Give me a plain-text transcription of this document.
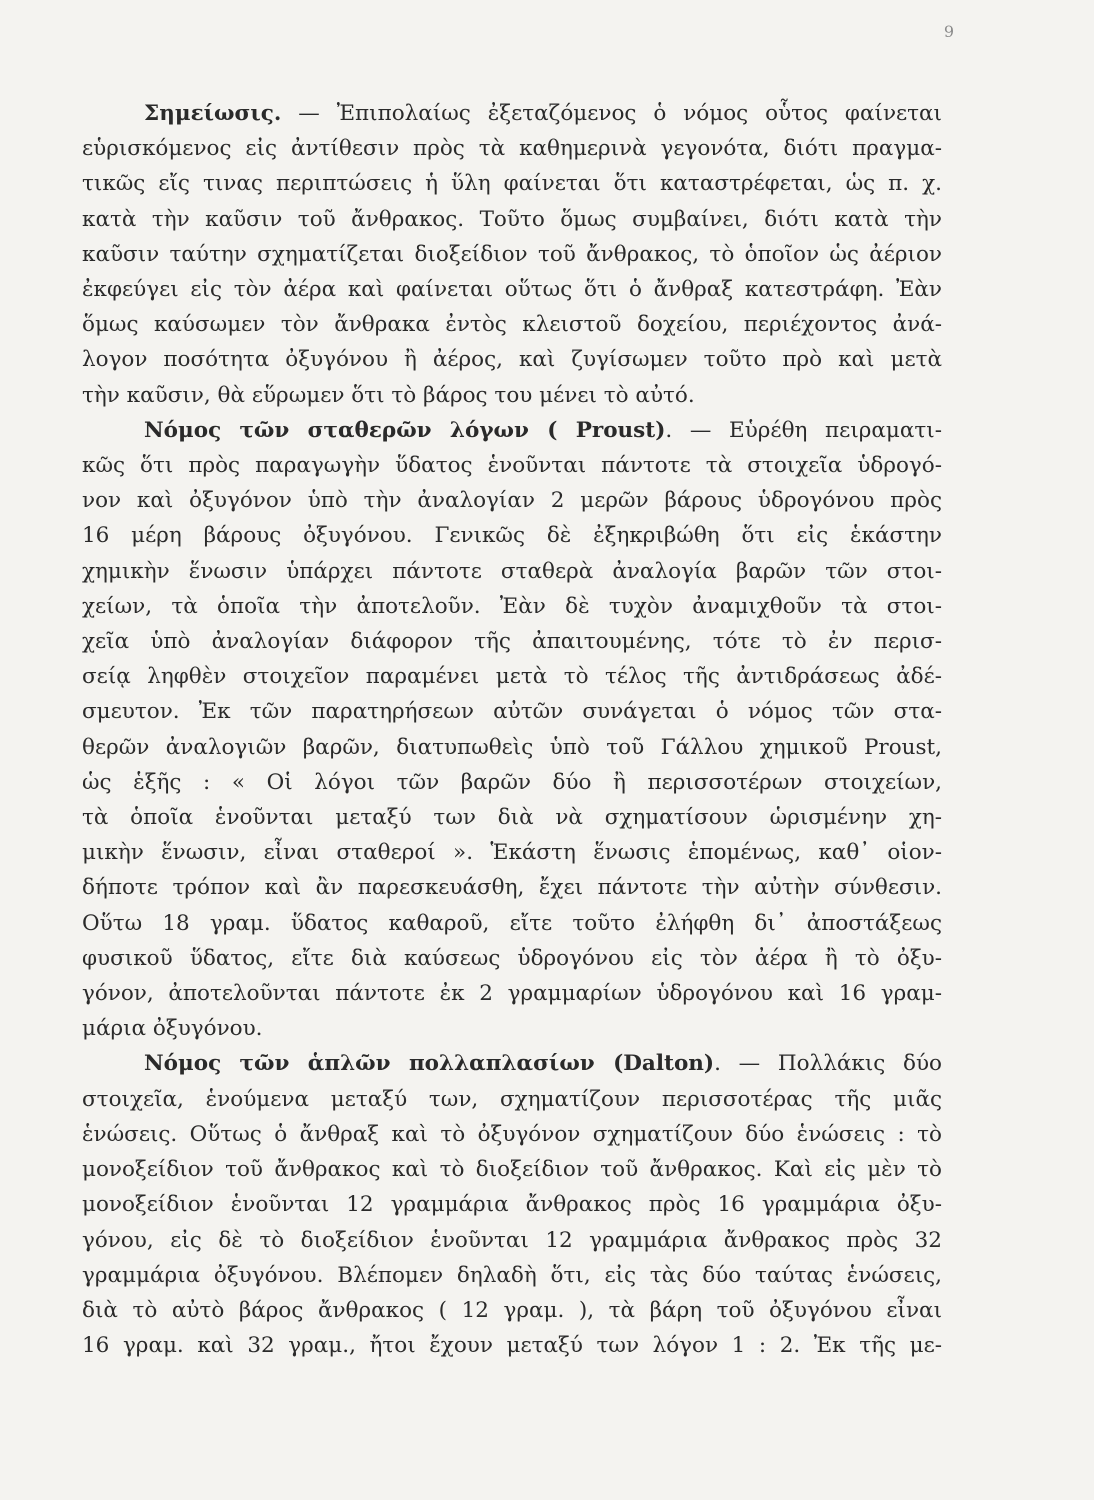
9
Σημείωσις. — Ἐπιπολαίως ἐξεταζόμενος ὁ νόμος οὗτος φαίνεται
εὑρισκόμενος εἰς ἀντίθεσιν πρὸς τὰ καθημερινὰ γεγονότα, διότι πραγμα-
τικῶς εἴς τινας περιπτώσεις ἡ ὕλη φαίνεται ὅτι καταστρέφεται, ὡς π. χ.
κατὰ τὴν καῦσιν τοῦ ἄνθρακος. Τοῦτο ὅμως συμβαίνει, διότι κατὰ τὴν
καῦσιν ταύτην σχηματίζεται διοξείδιον τοῦ ἄνθρακος, τὸ ὁποῖον ὡς ἀέριον
ἐκφεύγει εἰς τὸν ἀέρα καὶ φαίνεται οὕτως ὅτι ὁ ἄνθραξ κατεστράφη. Ἐὰν
ὅμως καύσωμεν τὸν ἄνθρακα ἐντὸς κλειστοῦ δοχείου, περιέχοντος ἀνά-
λογον ποσότητα ὀξυγόνου ἢ ἀέρος, καὶ ζυγίσωμεν τοῦτο πρὸ καὶ μετὰ
τὴν καῦσιν, θὰ εὕρωμεν ὅτι τὸ βάρος του μένει τὸ αὐτό.
Νόμος τῶν σταθερῶν λόγων ( Proust). — Εὑρέθη πειραματι-
κῶς ὅτι πρὸς παραγωγὴν ὕδατος ἑνοῦνται πάντοτε τὰ στοιχεῖα ὑδρογό-
νον καὶ ὀξυγόνον ὑπὸ τὴν ἀναλογίαν 2 μερῶν βάρους ὑδρογόνου πρὸς
16 μέρη βάρους ὀξυγόνου. Γενικῶς δὲ ἐξηκριβώθη ὅτι εἰς ἑκάστην
χημικὴν ἕνωσιν ὑπάρχει πάντοτε σταθερὰ ἀναλογία βαρῶν τῶν στοι-
χείων, τὰ ὁποῖα τὴν ἀποτελοῦν. Ἐὰν δὲ τυχὸν ἀναμιχθοῦν τὰ στοι-
χεῖα ὑπὸ ἀναλογίαν διάφορον τῆς ἀπαιτουμένης, τότε τὸ ἐν περισ-
σείᾳ ληφθὲν στοιχεῖον παραμένει μετὰ τὸ τέλος τῆς ἀντιδράσεως ἀδέ-
σμευτον. Ἐκ τῶν παρατηρήσεων αὐτῶν συνάγεται ὁ νόμος τῶν στα-
θερῶν ἀναλογιῶν βαρῶν, διατυπωθεὶς ὑπὸ τοῦ Γάλλου χημικοῦ Proust,
ὡς ἑξῆς : « Οἱ λόγοι τῶν βαρῶν δύο ἢ περισσοτέρων στοιχείων,
τὰ ὁποῖα ἑνοῦνται μεταξύ των διὰ νὰ σχηματίσουν ὡρισμένην χη-
μικὴν ἕνωσιν, εἶναι σταθεροί ». Ἑκάστη ἕνωσις ἑπομένως, καθ᾽ οἱον-
δήποτε τρόπον καὶ ἂν παρεσκευάσθη, ἔχει πάντοτε τὴν αὐτὴν σύνθεσιν.
Οὕτω 18 γραμ. ὕδατος καθαροῦ, εἴτε τοῦτο ἐλήφθη δι᾽ ἀποστάξεως
φυσικοῦ ὕδατος, εἴτε διὰ καύσεως ὑδρογόνου εἰς τὸν ἀέρα ἢ τὸ ὀξυ-
γόνον, ἀποτελοῦνται πάντοτε ἐκ 2 γραμμαρίων ὑδρογόνου καὶ 16 γραμ-
μάρια ὀξυγόνου.
Νόμος τῶν ἁπλῶν πολλαπλασίων (Dalton). — Πολλάκις δύο
στοιχεῖα, ἑνούμενα μεταξύ των, σχηματίζουν περισσοτέρας τῆς μιᾶς
ἑνώσεις. Οὕτως ὁ ἄνθραξ καὶ τὸ ὀξυγόνον σχηματίζουν δύο ἑνώσεις : τὸ
μονοξείδιον τοῦ ἄνθρακος καὶ τὸ διοξείδιον τοῦ ἄνθρακος. Καὶ εἰς μὲν τὸ
μονοξείδιον ἑνοῦνται 12 γραμμάρια ἄνθρακος πρὸς 16 γραμμάρια ὀξυ-
γόνου, εἰς δὲ τὸ διοξείδιον ἑνοῦνται 12 γραμμάρια ἄνθρακος πρὸς 32
γραμμάρια ὀξυγόνου. Βλέπομεν δηλαδὴ ὅτι, εἰς τὰς δύο ταύτας ἑνώσεις,
διὰ τὸ αὐτὸ βάρος ἄνθρακος ( 12 γραμ. ), τὰ βάρη τοῦ ὀξυγόνου εἶναι
16 γραμ. καὶ 32 γραμ., ἤτοι ἔχουν μεταξύ των λόγον 1 : 2. Ἐκ τῆς με-
